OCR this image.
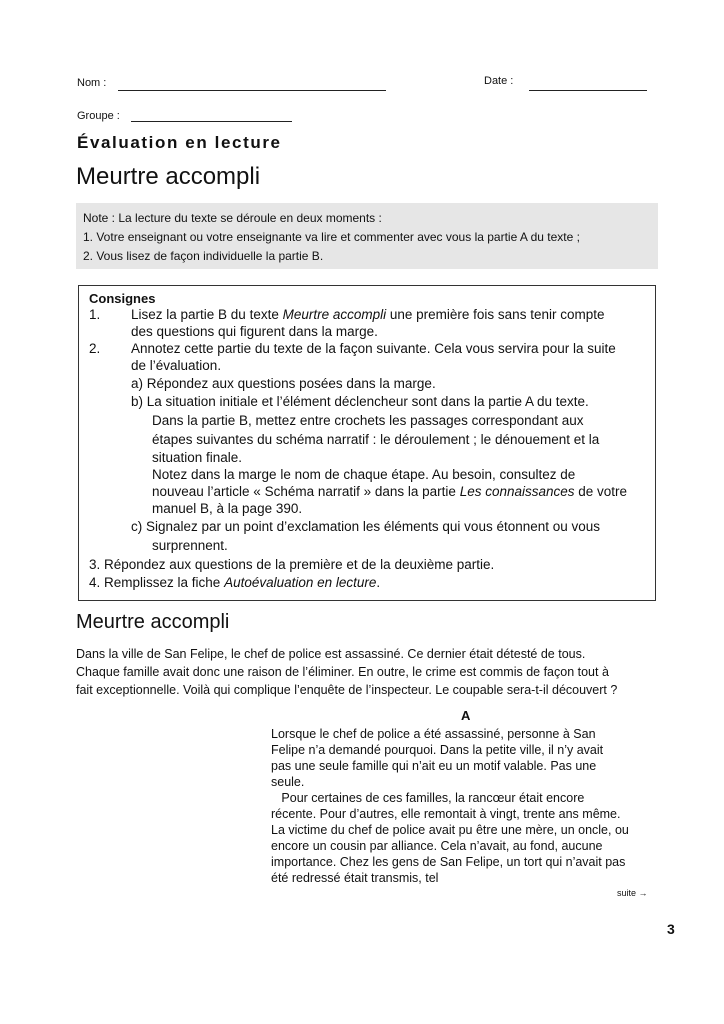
Nom :	Date :
Groupe :
Évaluation en lecture
Meurtre accompli
Note : La lecture du texte se déroule en deux moments :
1. Votre enseignant ou votre enseignante va lire et commenter avec vous la partie A du texte ;
2. Vous lisez de façon individuelle la partie B.
Consignes
1. Lisez la partie B du texte Meurtre accompli une première fois sans tenir compte
des questions qui figurent dans la marge.
2. Annotez cette partie du texte de la façon suivante. Cela vous servira pour la suite
de l’évaluation.
a) Répondez aux questions posées dans la marge.
b) La situation initiale et l’élément déclencheur sont dans la partie A du texte.
Dans la partie B, mettez entre crochets les passages correspondant aux
étapes suivantes du schéma narratif : le déroulement ; le dénouement et la
situation finale.
Notez dans la marge le nom de chaque étape. Au besoin, consultez de
nouveau l’article « Schéma narratif » dans la partie Les connaissances de votre
manuel B, à la page 390.
c) Signalez par un point d’exclamation les éléments qui vous étonnent ou vous
surprennent.
3. Répondez aux questions de la première et de la deuxième partie.
4. Remplissez la fiche Autoévaluation en lecture.
Meurtre accompli
Dans la ville de San Felipe, le chef de police est assassiné. Ce dernier était détesté de tous.
Chaque famille avait donc une raison de l’éliminer. En outre, le crime est commis de façon tout à
fait exceptionnelle. Voilà qui complique l’enquête de l’inspecteur. Le coupable sera-t-il découvert ?
A
Lorsque le chef de police a été assassiné, personne à San
Felipe n’a demandé pourquoi. Dans la petite ville, il n’y avait
pas une seule famille qui n’ait eu un motif valable. Pas une
seule.
Pour certaines de ces familles, la rancœur était encore
récente. Pour d’autres, elle remontait à vingt, trente ans même.
La victime du chef de police avait pu être une mère, un oncle, ou
encore un cousin par alliance. Cela n’avait, au fond, aucune
importance. Chez les gens de San Felipe, un tort qui n’avait pas
été redressé était transmis, tel
suite →
3
